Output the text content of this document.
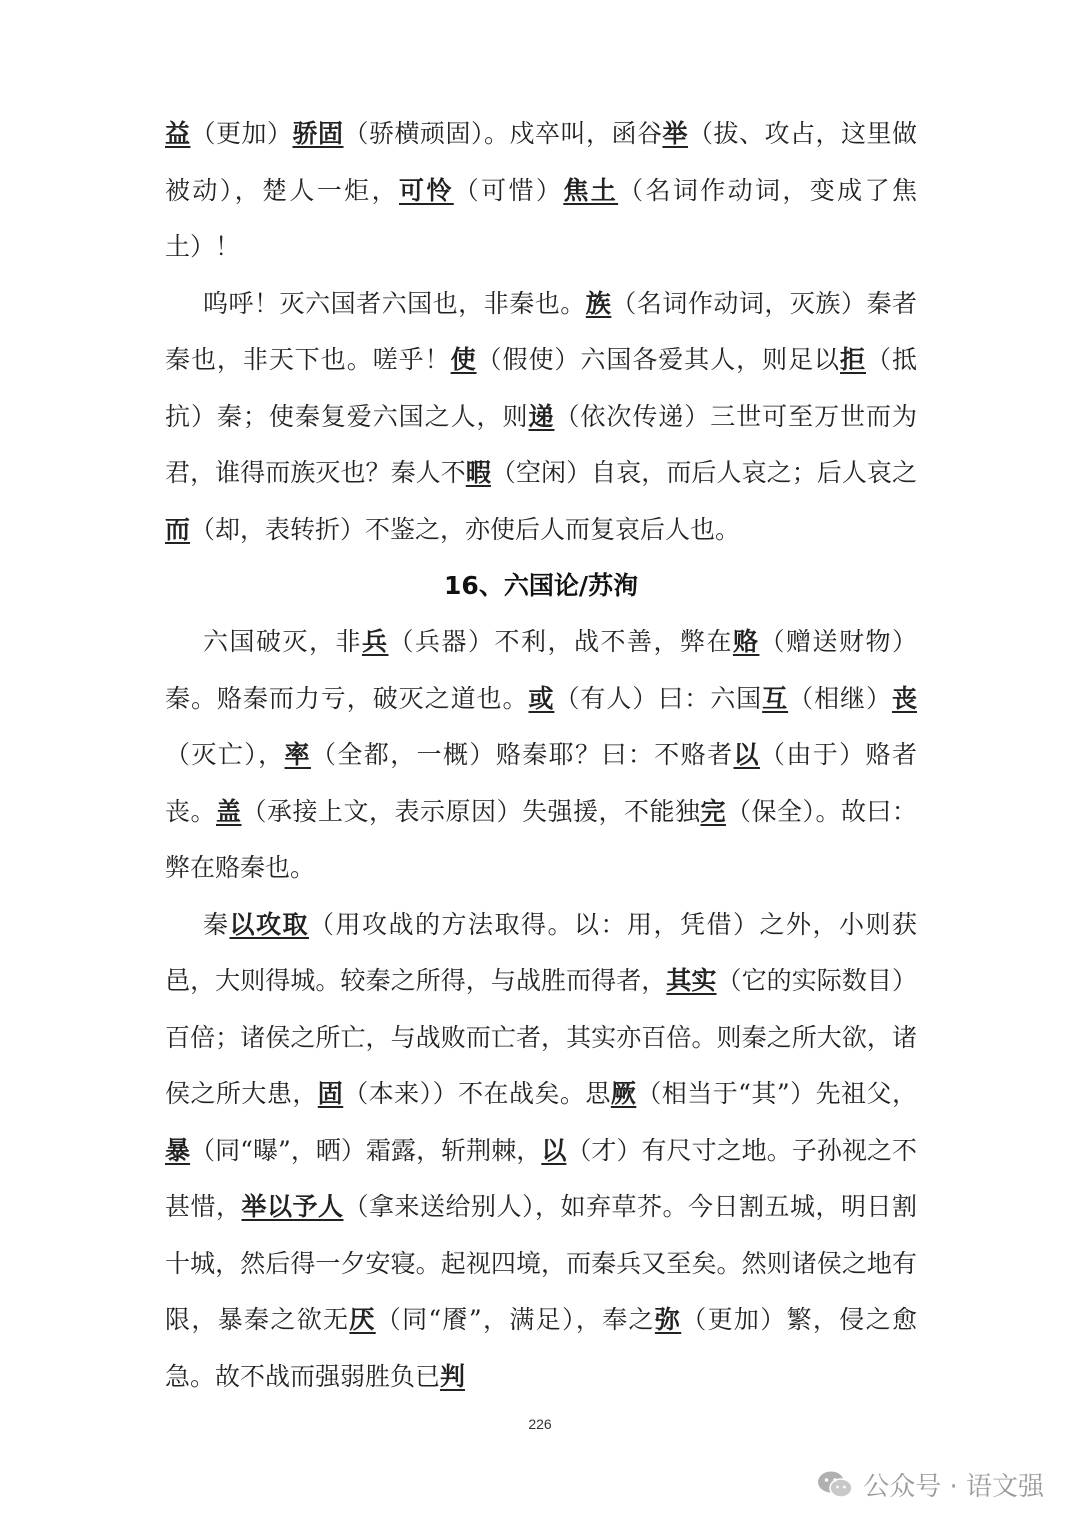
益（更加）骄固（骄横顽固）。戍卒叫，函谷举（拔、攻占，这里做被动），楚人一炬，可怜（可惜）焦土（名词作动词，变成了焦土）！

呜呼！灭六国者六国也，非秦也。族（名词作动词，灭族）秦者秦也，非天下也。嗟乎！使（假使）六国各爱其人，则足以拒（抵抗）秦；使秦复爱六国之人，则递（依次传递）三世可至万世而为君，谁得而族灭也？秦人不暇（空闲）自哀，而后人哀之；后人哀之而（却，表转折）不鉴之，亦使后人而复哀后人也。

16、六国论/苏洵

六国破灭，非兵（兵器）不利，战不善，弊在赂（赠送财物）秦。赂秦而力亏，破灭之道也。或（有人）曰：六国互（相继）丧（灭亡），率（全都，一概）赂秦耶？曰：不赂者以（由于）赂者丧。盖（承接上文，表示原因）失强援，不能独完（保全）。故曰：弊在赂秦也。

秦以攻取（用攻战的方法取得。以：用，凭借）之外，小则获邑，大则得城。较秦之所得，与战胜而得者，其实（它的实际数目）百倍；诸侯之所亡，与战败而亡者，其实亦百倍。则秦之所大欲，诸侯之所大患，固（本来））不在战矣。思厥（相当于“其”）先祖父，暴（同“曝”，晒）霜露，斩荆棘，以（才）有尺寸之地。子孙视之不甚惜，举以予人（拿来送给别人），如弃草芥。今日割五城，明日割十城，然后得一夕安寝。起视四境，而秦兵又至矣。然则诸侯之地有限，暴秦之欲无厌（同“餍”，满足），奉之弥（更加）繁，侵之愈急。故不战而强弱胜负已判

226
公众号 · 语文强
